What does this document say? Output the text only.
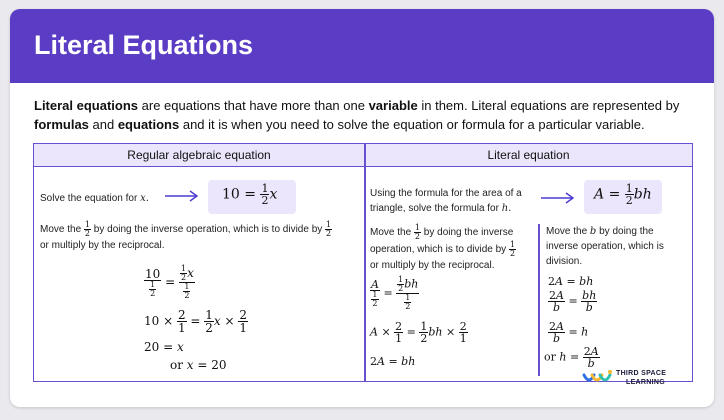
Literal Equations
Literal equations are equations that have more than one variable in them. Literal equations are represented by formulas and equations and it is when you need to solve the equation or formula for a particular variable.
Regular algebraic equation	Literal equation
Solve the equation for x.	$10 = \frac{1}{2}$ x
Move the $\frac{1}{2}$ by doing the inverse operation, which is to divide by $\frac{1}{2}$

or multiply by the reciprocal.
$\frac{10}{\frac{1}{2}} = \frac{\frac{1}{2} x}{\frac{1}{2}}$
$10 \times \frac{2}{1} = \frac{1}{2}$ $x \times \frac{2}{1}$
20 = x
or x = 20
Using the formula for the area of a
triangle, solve the formula for h.
$A = \frac{1}{2}$ bh
Move the $\frac{1}{2}$ by doing the inverse
operation, which is to divide by $\frac{1}{2}$

or multiply by the reciprocal.
$\frac{A}{\frac{1}{2}} = \frac{\frac{1}{2} bh}{\frac{1}{2}}$
$A \times \frac{2}{1} = \frac{1}{2}$ bh × $\frac{2}{1}$
2A = bh
Move the b by doing the
inverse operation, which is
division.
2A = bh
$\frac{2A}{b} = \frac{bh}{b}$
$\frac{2A}{b} = h$
or $h = \frac{2A}{b}$
THIRD SPACE
LEARNING
